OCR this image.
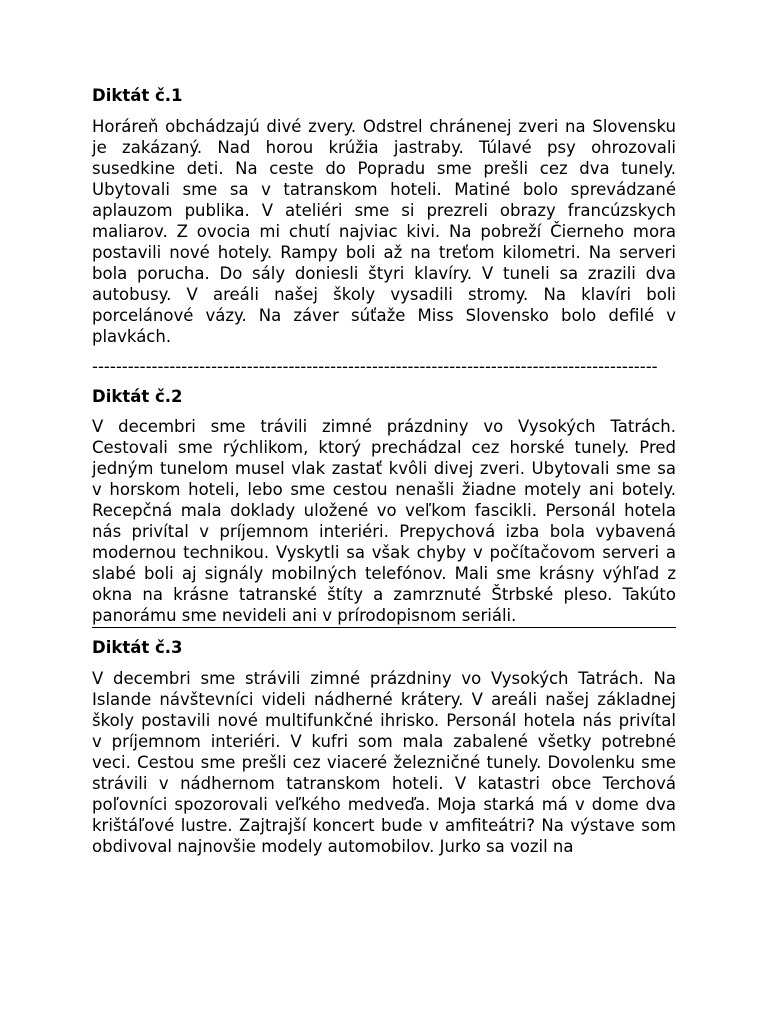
Diktát č.1

Horáreň obchádzajú divé zvery. Odstrel chránenej zveri na Slovensku je zakázaný. Nad horou krúžia jastraby. Túlavé psy ohrozovali susedkine deti. Na ceste do Popradu sme prešli cez dva tunely. Ubytovali sme sa v tatranskom hoteli. Matiné bolo sprevádzané aplauzom publika. V ateliéri sme si prezreli obrazy francúzskych maliarov. Z ovocia mi chutí najviac kivi. Na pobreží Čierneho mora postavili nové hotely. Rampy boli až na treťom kilometri. Na serveri bola porucha. Do sály doniesli štyri klavíry. V tuneli sa zrazili dva autobusy. V areáli našej školy vysadili stromy. Na klavíri boli porcelánové vázy. Na záver súťaže Miss Slovensko bolo defilé v plavkách.

-----------------------------------------------------------------------------------------------
Diktát č.2

V decembri sme trávili zimné prázdniny vo Vysokých Tatrách. Cestovali sme rýchlikom, ktorý prechádzal cez horské tunely. Pred jedným tunelom musel vlak zastať kvôli divej zveri. Ubytovali sme sa v horskom hoteli, lebo sme cestou nenašli žiadne motely ani botely. Recepčná mala doklady uložené vo veľkom fascikli. Personál hotela nás privítal v príjemnom interiéri. Prepychová izba bola vybavená modernou technikou. Vyskytli sa však chyby v počítačovom serveri a slabé boli aj signály mobilných telefónov. Mali sme krásny výhľad z okna na krásne tatranské štíty a zamrznuté Štrbské pleso. Takúto panorámu sme nevideli ani v prírodopisnom seriáli.

Diktát č.3

V decembri sme strávili zimné prázdniny vo Vysokých Tatrách. Na Islande návštevníci videli nádherné krátery. V areáli našej základnej školy postavili nové multifunkčné ihrisko. Personál hotela nás privítal v príjemnom interiéri. V kufri som mala zabalené všetky potrebné veci. Cestou sme prešli cez viaceré železničné tunely. Dovolenku sme strávili v nádhernom tatranskom hoteli. V katastri obce Terchová poľovníci spozorovali veľkého medveďa. Moja starká má v dome dva krištáľové lustre. Zajtrajší koncert bude v amfiteátri? Na výstave som obdivoval najnovšie modely automobilov. Jurko sa vozil na
